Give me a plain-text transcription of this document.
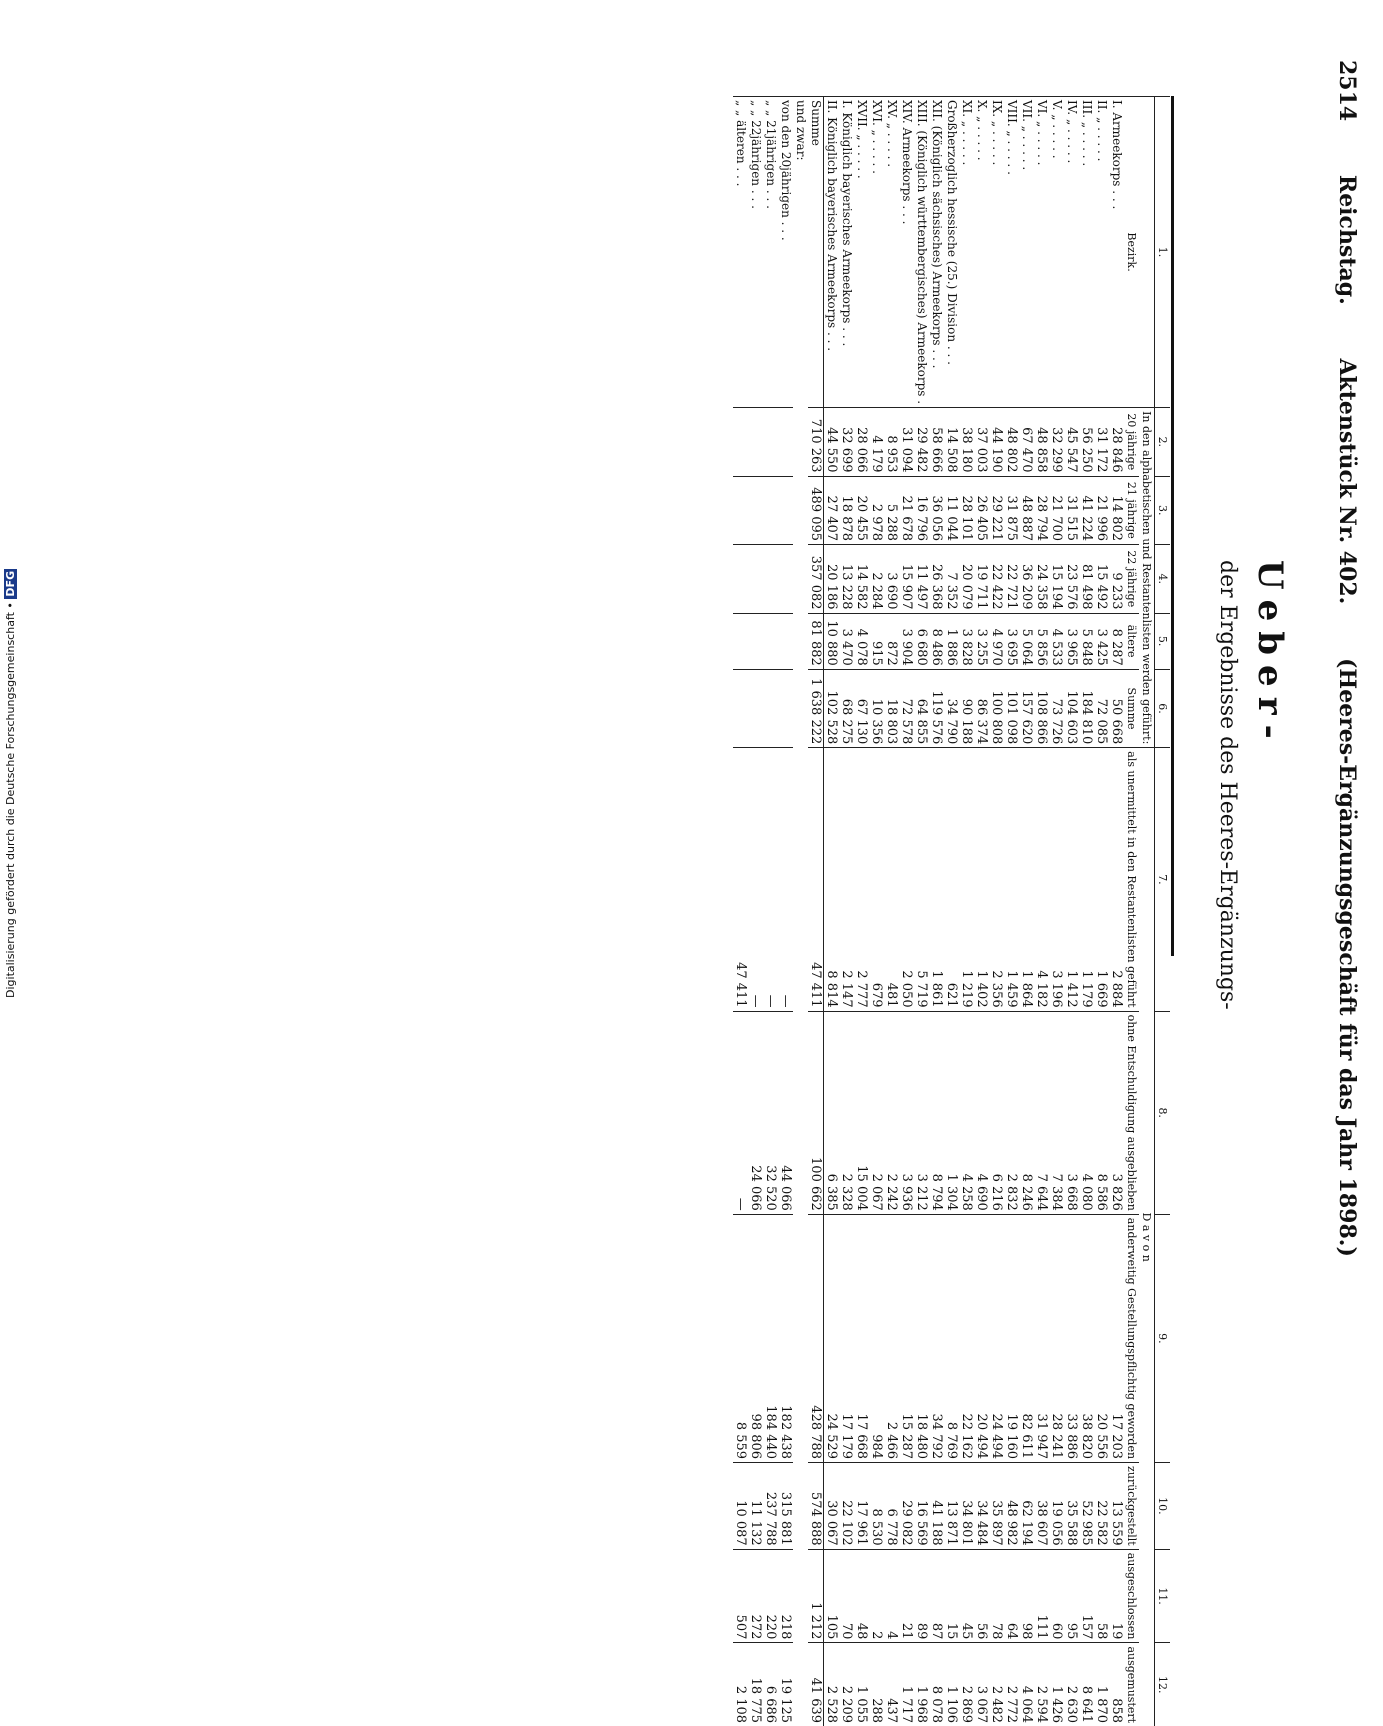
2514 Reichstag. Aktenstück Nr. 402. (Heeres-Ergänzungsgeschäft für das Jahr 1898.)
Ueber-
der Ergebnisse des Heeres-Ergänzungs-
1.	2.	3.	4.	5.	6.	7.	8.	9.	10.	11.	12.
	In den alphabetischen und Restantenlisten werden geführt:					D a v o n					
Bezirk.	20 jährige	21 jährige	22 jährige	ältere	Summe	als unermittelt in den Restantenlisten geführt	ohne Entschuldigung ausgeblieben	anderweitig Gestellungspflichtig geworden	zurückgestellt	ausgeschlossen	ausgemustert
I. Armeekorps . . .	28 846	14 802	9 233	8 287	50 668	2 884	3 826	17 203	13 559	19	858
II. „ . . . . .	31 172	21 996	15 492	3 425	72 085	1 669	8 586	20 556	22 582	58	1 870
III. „ . . . . .	56 250	41 224	81 498	5 848	184 810	1 179	4 080	38 820	52 985	157	8 641
IV. „ . . . . .	45 547	31 515	23 576	3 965	104 603	1 412	3 668	33 886	35 588	95	2 630
V. „ . . . . .	32 299	21 700	15 194	4 533	73 726	3 196	7 384	28 241	19 056	60	1 426
VI. „ . . . . .	48 858	28 794	24 358	5 856	108 866	4 182	7 644	31 947	38 607	111	2 594
VII. „ . . . . .	67 470	48 887	36 209	5 064	157 620	1 864	8 246	82 611	62 194	98	4 064
VIII. „ . . . . .	48 802	31 875	22 721	3 695	101 098	1 459	2 832	19 160	48 982	64	2 772
IX. „ . . . . .	44 190	29 221	22 422	4 970	100 808	2 356	6 216	24 494	35 897	78	2 482
X. „ . . . . .	37 003	26 405	19 711	3 255	86 374	1 402	4 690	20 494	34 484	56	3 067
XI. „ . . . . .	38 180	28 101	20 079	3 828	90 188	1 219	4 258	22 162	34 801	45	2 869
Großherzoglich hessische (25.) Division . . .	14 508	11 044	7 352	1 886	34 790	621	1 304	8 769	13 871	15	1 106
XII. (Königlich sächsisches) Armeekorps . . .	58 666	36 056	26 368	8 486	119 576	1 861	8 794	34 792	41 188	87	8 078
XIII. (Königlich württembergisches) Armeekorps .	29 482	16 796	11 497	6 680	64 855	5 719	3 212	18 480	16 569	89	1 968
XIV. Armeekorps . . .	31 094	21 678	15 907	3 904	72 578	2 050	3 936	15 287	29 082	21	1 717
XV. „ . . . . .	8 953	5 288	3 690	872	18 803	481	2 242	2 466	6 778	4	437
XVI. „ . . . . .	4 179	2 978	2 284	915	10 356	679	2 067	984	8 530	2	288
XVII. „ . . . . .	28 066	20 455	14 582	4 078	67 130	2 777	15 004	17 668	17 961	48	1 055
I. Königlich bayerisches Armeekorps . . .	32 699	18 878	13 228	3 470	68 275	2 147	2 328	17 179	22 102	70	2 209
II. Königlich bayerisches Armeekorps . . .	44 550	27 407	20 186	10 880	102 528	8 814	6 385	24 529	30 067	105	2 528
Summe	710 263	489 095	357 082	81 882	1 638 222	47 411	100 662	428 788	574 888	1 212	41 639
und zwar:											
von den 20jährigen . . .						—	44 066	182 438	315 881	218	19 125
„ „ 21jährigen . . .						—	32 520	184 440	237 788	220	6 686
„ „ 22jährigen . . .						—	24 066	98 806	11 132	272	18 775
„ „ älteren . . .						47 411	—	8 559	10 087	507	2 108
Digitalisierung gefördert durch die Deutsche Forschungsgemeinschaft • DFG
